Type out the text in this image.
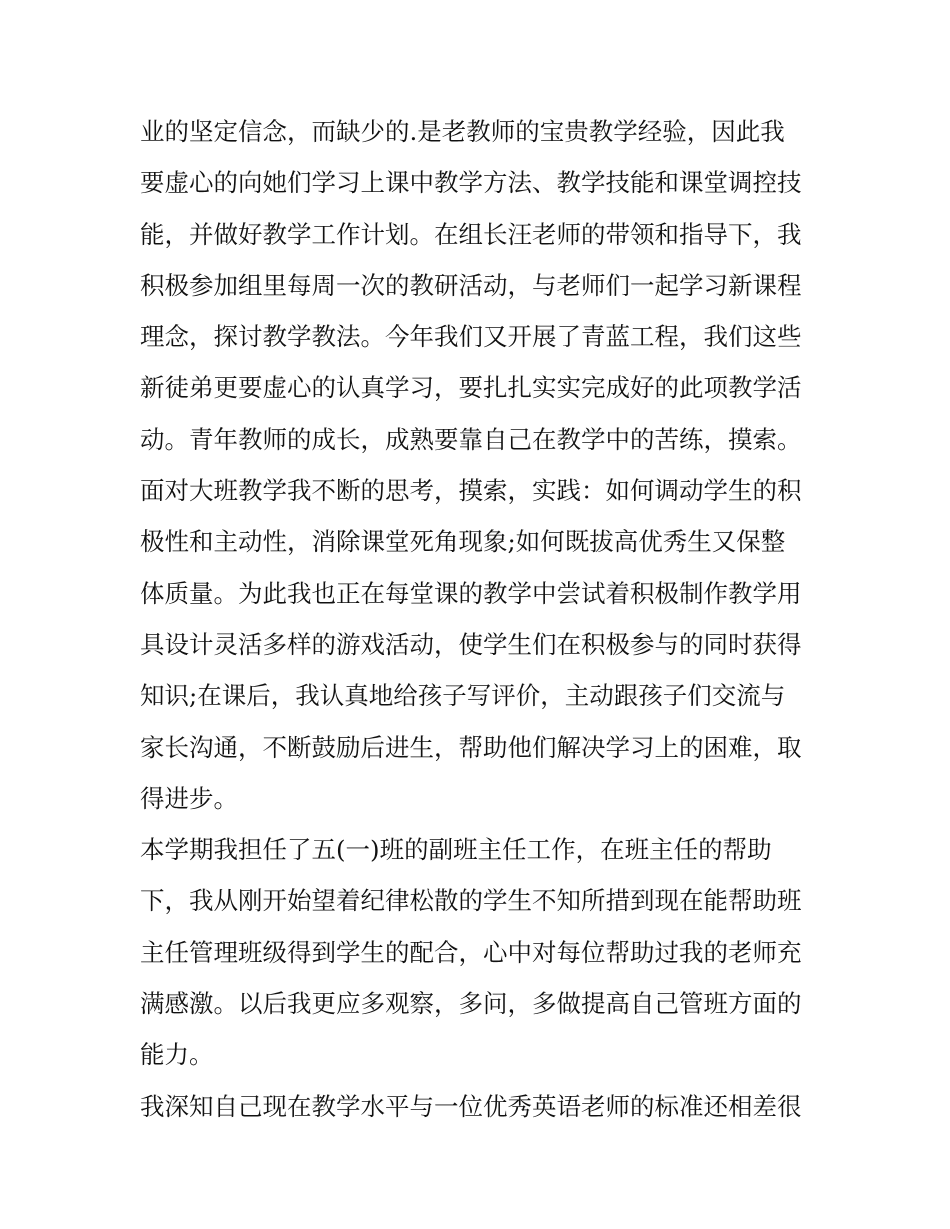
业的坚定信念，而缺少的.是老教师的宝贵教学经验，因此我
要虚心的向她们学习上课中教学方法、教学技能和课堂调控技
能，并做好教学工作计划。在组长汪老师的带领和指导下，我
积极参加组里每周一次的教研活动，与老师们一起学习新课程
理念，探讨教学教法。今年我们又开展了青蓝工程，我们这些
新徒弟更要虚心的认真学习，要扎扎实实完成好的此项教学活
动。青年教师的成长，成熟要靠自己在教学中的苦练，摸索。
面对大班教学我不断的思考，摸索，实践：如何调动学生的积
极性和主动性，消除课堂死角现象;如何既拔高优秀生又保整
体质量。为此我也正在每堂课的教学中尝试着积极制作教学用
具设计灵活多样的游戏活动，使学生们在积极参与的同时获得
知识;在课后，我认真地给孩子写评价，主动跟孩子们交流与
家长沟通，不断鼓励后进生，帮助他们解决学习上的困难，取
得进步。
本学期我担任了五(一)班的副班主任工作，在班主任的帮助
下，我从刚开始望着纪律松散的学生不知所措到现在能帮助班
主任管理班级得到学生的配合，心中对每位帮助过我的老师充
满感激。以后我更应多观察，多问，多做提高自己管班方面的
能力。
我深知自己现在教学水平与一位优秀英语老师的标准还相差很
